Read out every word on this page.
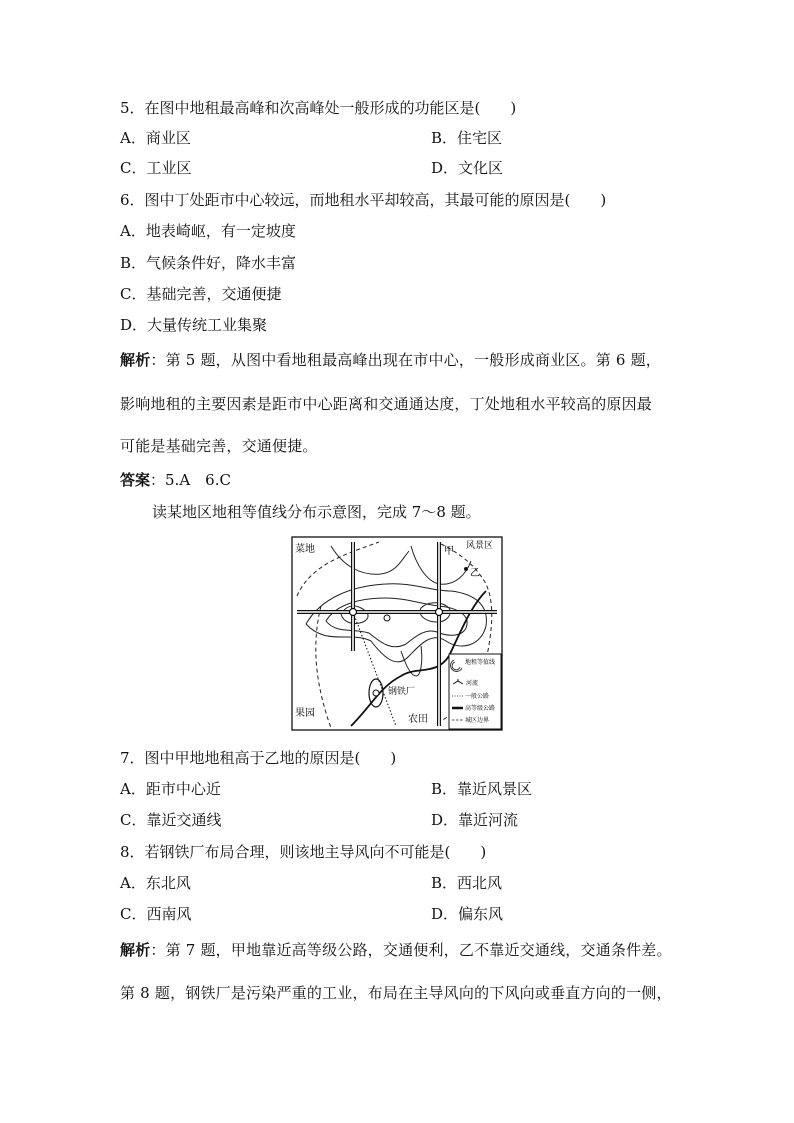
5．在图中地租最高峰和次高峰处一般形成的功能区是(　　)
A．商业区	B．住宅区
C．工业区	D．文化区
6．图中丁处距市中心较远，而地租水平却较高，其最可能的原因是(　　)
A．地表崎岖，有一定坡度
B．气候条件好，降水丰富
C．基础完善，交通便捷
D．大量传统工业集聚
解析：第 5 题，从图中看地租最高峰出现在市中心，一般形成商业区。第 6 题，
影响地租的主要因素是距市中心距离和交通通达度，丁处地租水平较高的原因最
可能是基础完善，交通便捷。
答案：5.A　6.C
读某地区地租等值线分布示意图，完成 7～8 题。
菜地	甲 风景区
乙
钢铁厂
果园
农田
地租等值线
河流
一般公路
高等级公路
城区边界
7．图中甲地地租高于乙地的原因是(　　)
A．距市中心近	B．靠近风景区
C．靠近交通线	D．靠近河流
8．若钢铁厂布局合理，则该地主导风向不可能是(　　)
A．东北风	B．西北风
C．西南风	D．偏东风
解析：第 7 题，甲地靠近高等级公路，交通便利，乙不靠近交通线，交通条件差。
第 8 题，钢铁厂是污染严重的工业，布局在主导风向的下风向或垂直方向的一侧，
